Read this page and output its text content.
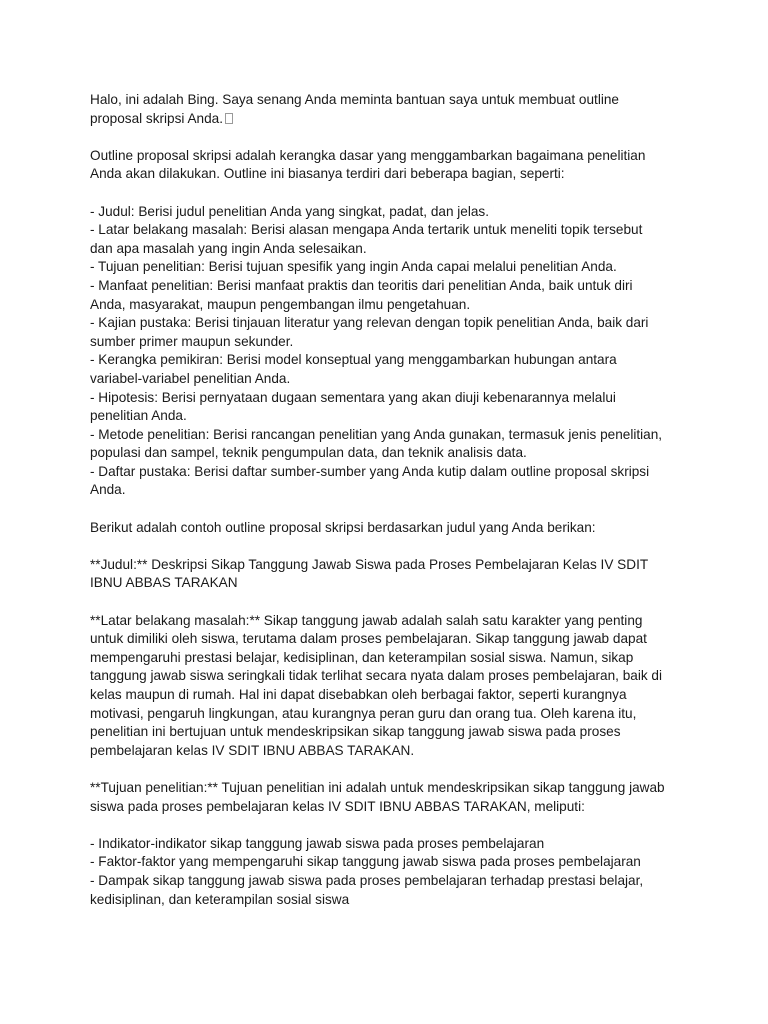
Halo, ini adalah Bing. Saya senang Anda meminta bantuan saya untuk membuat outline
proposal skripsi Anda.

Outline proposal skripsi adalah kerangka dasar yang menggambarkan bagaimana penelitian
Anda akan dilakukan. Outline ini biasanya terdiri dari beberapa bagian, seperti:

- Judul: Berisi judul penelitian Anda yang singkat, padat, dan jelas.
- Latar belakang masalah: Berisi alasan mengapa Anda tertarik untuk meneliti topik tersebut
dan apa masalah yang ingin Anda selesaikan.
- Tujuan penelitian: Berisi tujuan spesifik yang ingin Anda capai melalui penelitian Anda.
- Manfaat penelitian: Berisi manfaat praktis dan teoritis dari penelitian Anda, baik untuk diri
Anda, masyarakat, maupun pengembangan ilmu pengetahuan.
- Kajian pustaka: Berisi tinjauan literatur yang relevan dengan topik penelitian Anda, baik dari
sumber primer maupun sekunder.
- Kerangka pemikiran: Berisi model konseptual yang menggambarkan hubungan antara
variabel-variabel penelitian Anda.
- Hipotesis: Berisi pernyataan dugaan sementara yang akan diuji kebenarannya melalui
penelitian Anda.
- Metode penelitian: Berisi rancangan penelitian yang Anda gunakan, termasuk jenis penelitian,
populasi dan sampel, teknik pengumpulan data, dan teknik analisis data.
- Daftar pustaka: Berisi daftar sumber-sumber yang Anda kutip dalam outline proposal skripsi
Anda.

Berikut adalah contoh outline proposal skripsi berdasarkan judul yang Anda berikan:

**Judul:** Deskripsi Sikap Tanggung Jawab Siswa pada Proses Pembelajaran Kelas IV SDIT
IBNU ABBAS TARAKAN

**Latar belakang masalah:** Sikap tanggung jawab adalah salah satu karakter yang penting
untuk dimiliki oleh siswa, terutama dalam proses pembelajaran. Sikap tanggung jawab dapat
mempengaruhi prestasi belajar, kedisiplinan, dan keterampilan sosial siswa. Namun, sikap
tanggung jawab siswa seringkali tidak terlihat secara nyata dalam proses pembelajaran, baik di
kelas maupun di rumah. Hal ini dapat disebabkan oleh berbagai faktor, seperti kurangnya
motivasi, pengaruh lingkungan, atau kurangnya peran guru dan orang tua. Oleh karena itu,
penelitian ini bertujuan untuk mendeskripsikan sikap tanggung jawab siswa pada proses
pembelajaran kelas IV SDIT IBNU ABBAS TARAKAN.

**Tujuan penelitian:** Tujuan penelitian ini adalah untuk mendeskripsikan sikap tanggung jawab
siswa pada proses pembelajaran kelas IV SDIT IBNU ABBAS TARAKAN, meliputi:

- Indikator-indikator sikap tanggung jawab siswa pada proses pembelajaran
- Faktor-faktor yang mempengaruhi sikap tanggung jawab siswa pada proses pembelajaran
- Dampak sikap tanggung jawab siswa pada proses pembelajaran terhadap prestasi belajar,
kedisiplinan, dan keterampilan sosial siswa
